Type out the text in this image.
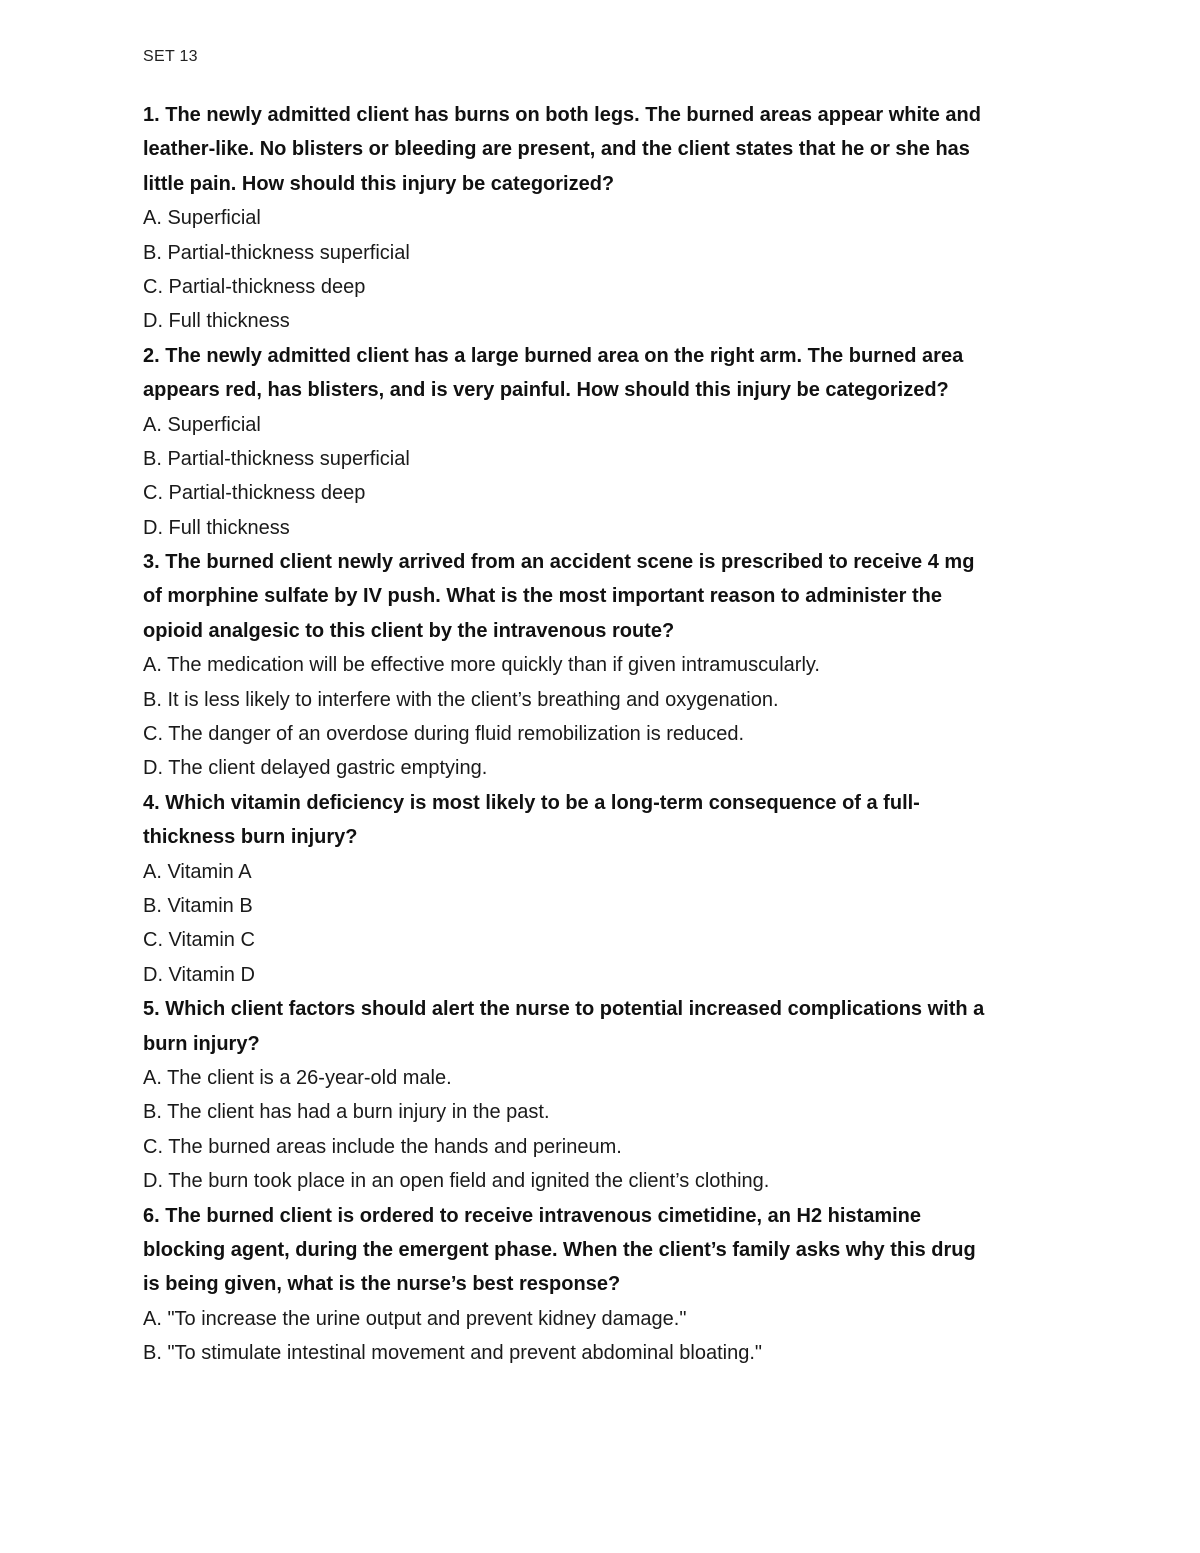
SET 13
1. The newly admitted client has burns on both legs. The burned areas appear white and
leather-like. No blisters or bleeding are present, and the client states that he or she has
little pain. How should this injury be categorized?
A. Superficial
B. Partial-thickness superficial
C. Partial-thickness deep
D. Full thickness
2. The newly admitted client has a large burned area on the right arm. The burned area
appears red, has blisters, and is very painful. How should this injury be categorized?
A. Superficial
B. Partial-thickness superficial
C. Partial-thickness deep
D. Full thickness
3. The burned client newly arrived from an accident scene is prescribed to receive 4 mg
of morphine sulfate by IV push. What is the most important reason to administer the
opioid analgesic to this client by the intravenous route?
A. The medication will be effective more quickly than if given intramuscularly.
B. It is less likely to interfere with the client’s breathing and oxygenation.
C. The danger of an overdose during fluid remobilization is reduced.
D. The client delayed gastric emptying.
4. Which vitamin deficiency is most likely to be a long-term consequence of a full-
thickness burn injury?
A. Vitamin A
B. Vitamin B
C. Vitamin C
D. Vitamin D
5. Which client factors should alert the nurse to potential increased complications with a
burn injury?
A. The client is a 26-year-old male.
B. The client has had a burn injury in the past.
C. The burned areas include the hands and perineum.
D. The burn took place in an open field and ignited the client’s clothing.
6. The burned client is ordered to receive intravenous cimetidine, an H2 histamine
blocking agent, during the emergent phase. When the client’s family asks why this drug
is being given, what is the nurse’s best response?
A. "To increase the urine output and prevent kidney damage."
B. "To stimulate intestinal movement and prevent abdominal bloating."
